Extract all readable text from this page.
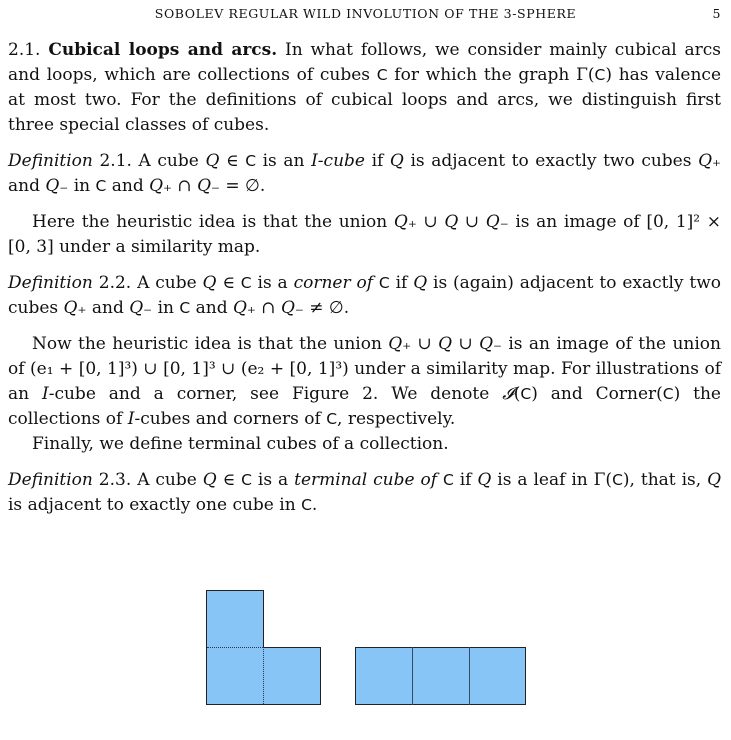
SOBOLEV REGULAR WILD INVOLUTION OF THE 3-SPHERE	5

2.1. Cubical loops and arcs. In what follows, we consider mainly cubical arcs and loops, which are collections of cubes C for which the graph Γ(C) has valence at most two. For the definitions of cubical loops and arcs, we distinguish first three special classes of cubes.

Definition 2.1. A cube Q ∈ C is an I-cube if Q is adjacent to exactly two cubes Q₊ and Q₋ in C and Q₊ ∩ Q₋ = ∅.

Here the heuristic idea is that the union Q₊ ∪ Q ∪ Q₋ is an image of [0, 1]² × [0, 3] under a similarity map.

Definition 2.2. A cube Q ∈ C is a corner of C if Q is (again) adjacent to exactly two cubes Q₊ and Q₋ in C and Q₊ ∩ Q₋ ≠ ∅.

Now the heuristic idea is that the union Q₊ ∪ Q ∪ Q₋ is an image of the union of (e₁ + [0, 1]³) ∪ [0, 1]³ ∪ (e₂ + [0, 1]³) under a similarity map. For illustrations of an I-cube and a corner, see Figure 2. We denote 𝓘(C) and Corner(C) the collections of I-cubes and corners of C, respectively.

Finally, we define terminal cubes of a collection.

Definition 2.3. A cube Q ∈ C is a terminal cube of C if Q is a leaf in Γ(C), that is, Q is adjacent to exactly one cube in C.
